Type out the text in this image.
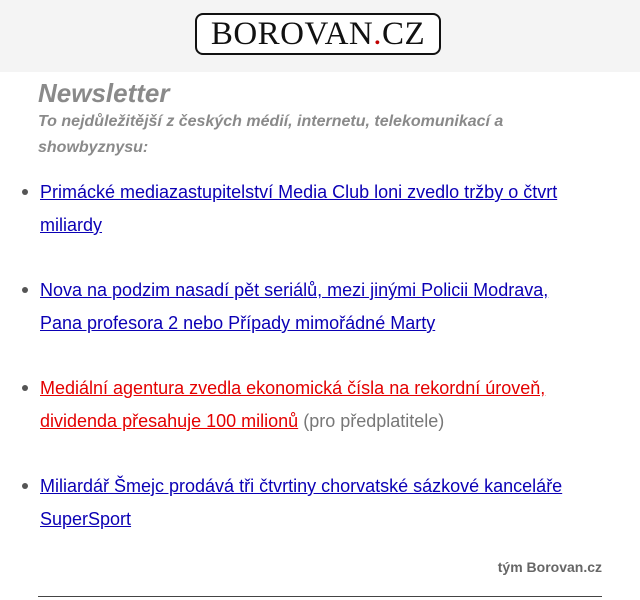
BOROVAN . CZ
Newsletter
To nejdůležitější z českých médií, internetu, telekomunikací a showbyznysu:
Primácké mediazastupitelství Media Club loni zvedlo tržby o čtvrt miliardy
Nova na podzim nasadí pět seriálů, mezi jinými Policii Modrava, Pana profesora 2 nebo Případy mimořádné Marty
Mediální agentura zvedla ekonomická čísla na rekordní úroveň, dividenda přesahuje 100 milionů (pro předplatitele)
Miliardář Šmejc prodává tři čtvrtiny chorvatské sázkové kanceláře SuperSport
tým Borovan.cz
